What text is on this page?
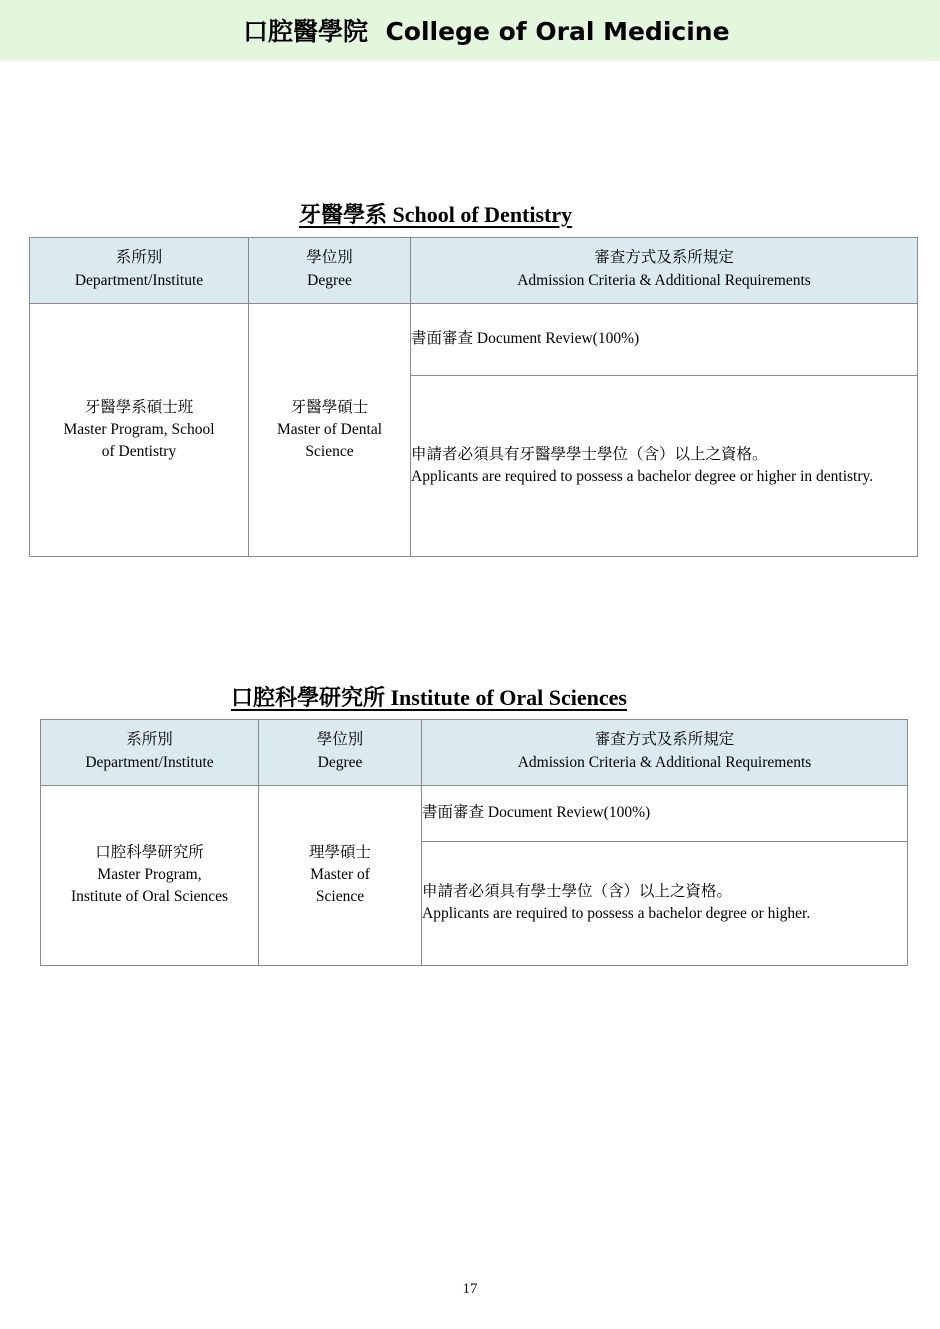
口腔醫學院 College of Oral Medicine
牙醫學系 School of Dentistry
系所別
Department/Institute	學位別
Degree	審查方式及系所規定
Admission Criteria & Additional Requirements

牙醫學系碩士班
Master Program, School
of Dentistry	牙醫學碩士
Master of Dental
Science	書面審查 Document Review(100%)

		申請者必須具有牙醫學學士學位（含）以上之資格。
Applicants are required to possess a bachelor degree or higher in dentistry.
口腔科學研究所 Institute of Oral Sciences
系所別
Department/Institute	學位別
Degree	審查方式及系所規定
Admission Criteria & Additional Requirements

口腔科學研究所
Master Program,
Institute of Oral Sciences	理學碩士
Master of
Science	書面審查 Document Review(100%)

		申請者必須具有學士學位（含）以上之資格。
Applicants are required to possess a bachelor degree or higher.
17
